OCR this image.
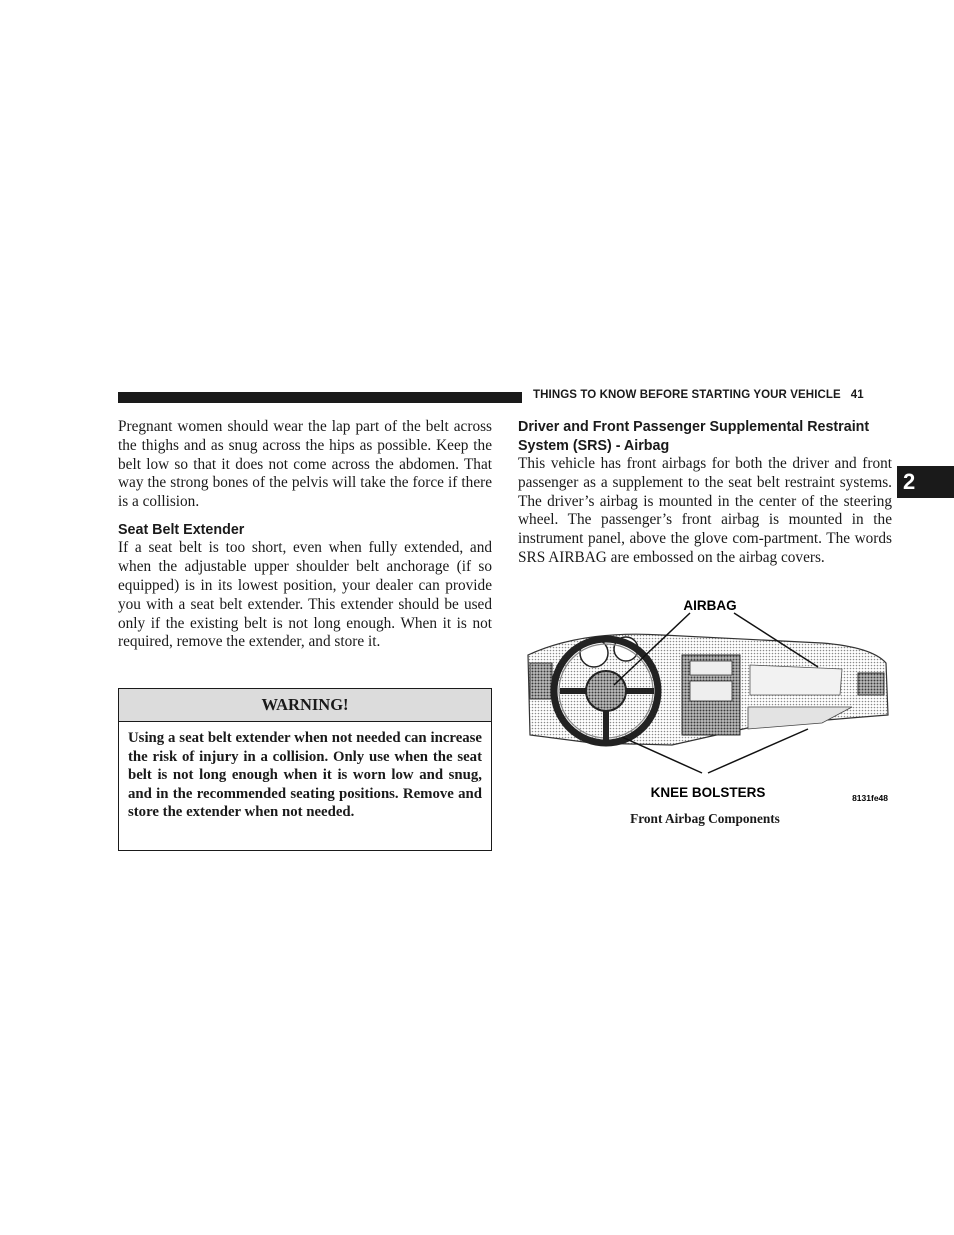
THINGS TO KNOW BEFORE STARTING YOUR VEHICLE 41
2

Pregnant women should wear the lap part of the belt across the thighs and as snug across the hips as possible. Keep the belt low so that it does not come across the abdomen. That way the strong bones of the pelvis will take the force if there is a collision.

Seat Belt Extender

If a seat belt is too short, even when fully extended, and when the adjustable upper shoulder belt anchorage (if so equipped) is in its lowest position, your dealer can provide you with a seat belt extender. This extender should be used only if the existing belt is not long enough. When it is not required, remove the extender, and store it.

WARNING!

Using a seat belt extender when not needed can increase the risk of injury in a collision. Only use when the seat belt is not long enough when it is worn low and snug, and in the recommended seating positions. Remove and store the extender when not needed.

Driver and Front Passenger Supplemental Restraint System (SRS) - Airbag

This vehicle has front airbags for both the driver and front passenger as a supplement to the seat belt restraint systems. The driver’s airbag is mounted in the center of the steering wheel. The passenger’s front airbag is mounted in the instrument panel, above the glove com-partment. The words SRS AIRBAG are embossed on the airbag covers.

AIRBAG
KNEE BOLSTERS	8131fe48
Front Airbag Components
